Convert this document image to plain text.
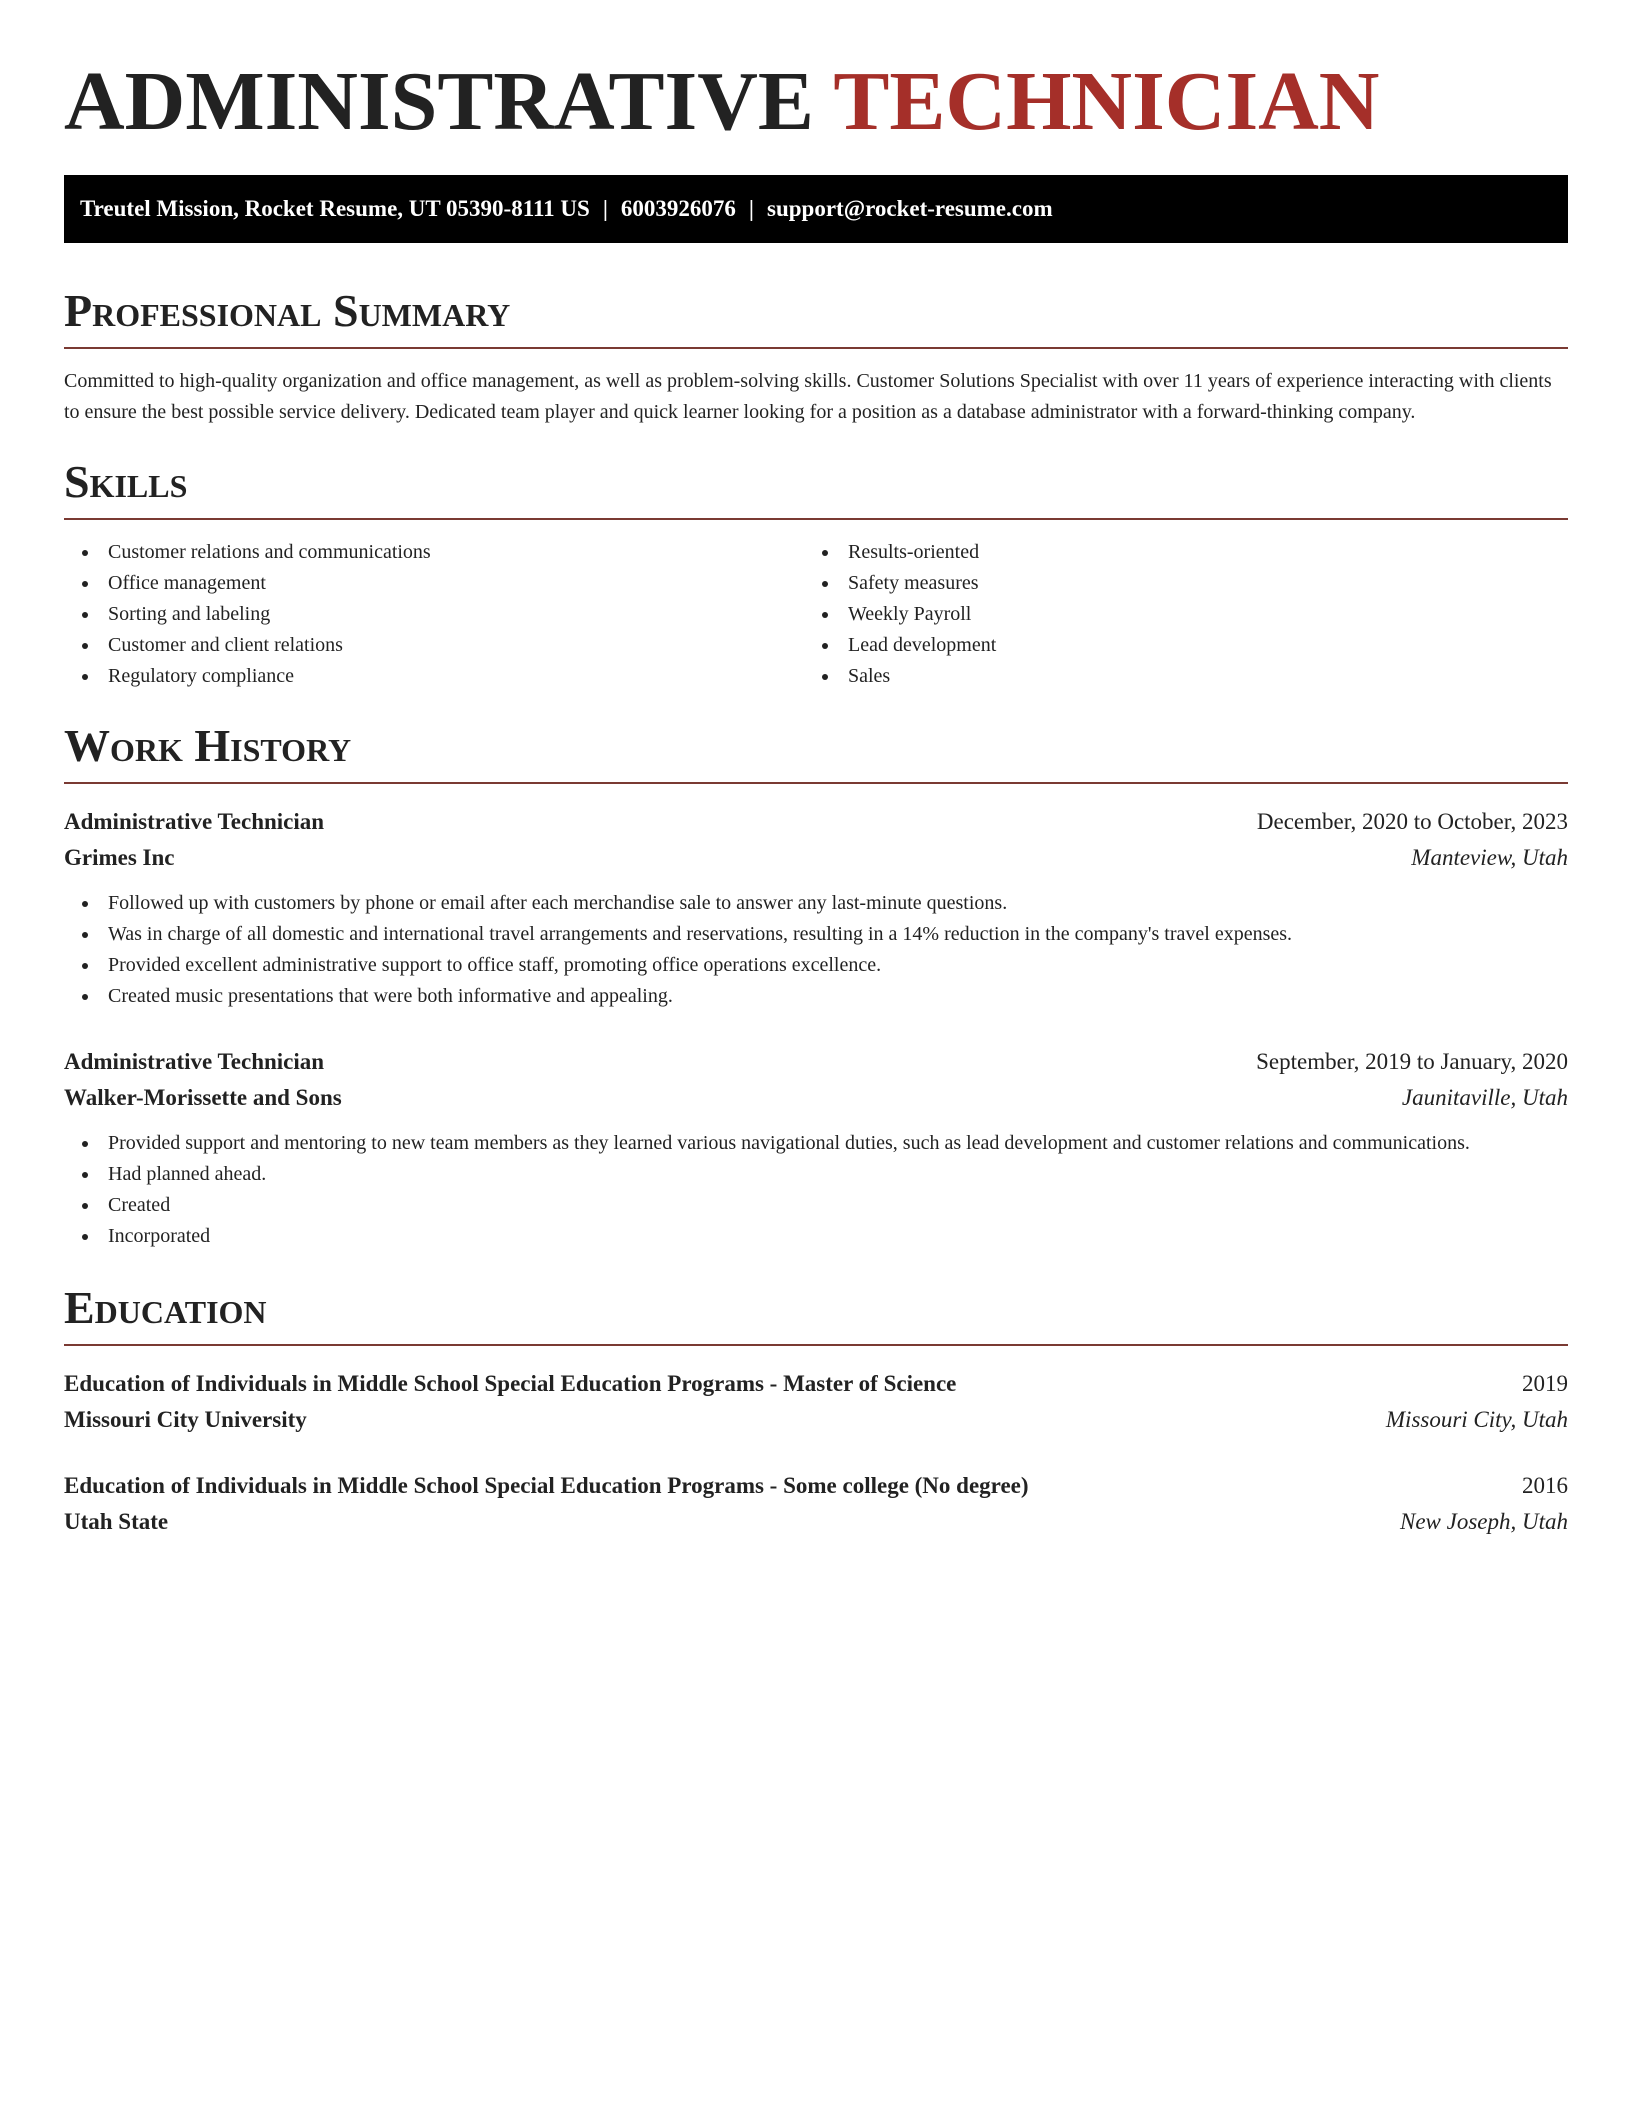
ADMINISTRATIVE TECHNICIAN
Treutel Mission, Rocket Resume, UT 05390-8111 US | 6003926076 | support@rocket-resume.com
Professional Summary

Committed to high-quality organization and office management, as well as problem-solving skills. Customer Solutions Specialist with over 11 years of experience interacting with clients to ensure the best possible service delivery. Dedicated team player and quick learner looking for a position as a database administrator with a forward-thinking company.

Skills
Customer relations and communications
Office management
Sorting and labeling
Customer and client relations
Regulatory compliance
Results-oriented
Safety measures
Weekly Payroll
Lead development
Sales
Work History
Administrative Technician	December, 2020 to October, 2023
Grimes Inc	Manteview, Utah
Followed up with customers by phone or email after each merchandise sale to answer any last-minute questions.
Was in charge of all domestic and international travel arrangements and reservations, resulting in a 14% reduction in the company's travel expenses.
Provided excellent administrative support to office staff, promoting office operations excellence.
Created music presentations that were both informative and appealing.
Administrative Technician	September, 2019 to January, 2020
Walker-Morissette and Sons	Jaunitaville, Utah
Provided support and mentoring to new team members as they learned various navigational duties, such as lead development and customer relations and communications.
Had planned ahead.
Created
Incorporated
Education
Education of Individuals in Middle School Special Education Programs - Master of Science	2019
Missouri City University	Missouri City, Utah
Education of Individuals in Middle School Special Education Programs - Some college (No degree)	2016
Utah State	New Joseph, Utah
